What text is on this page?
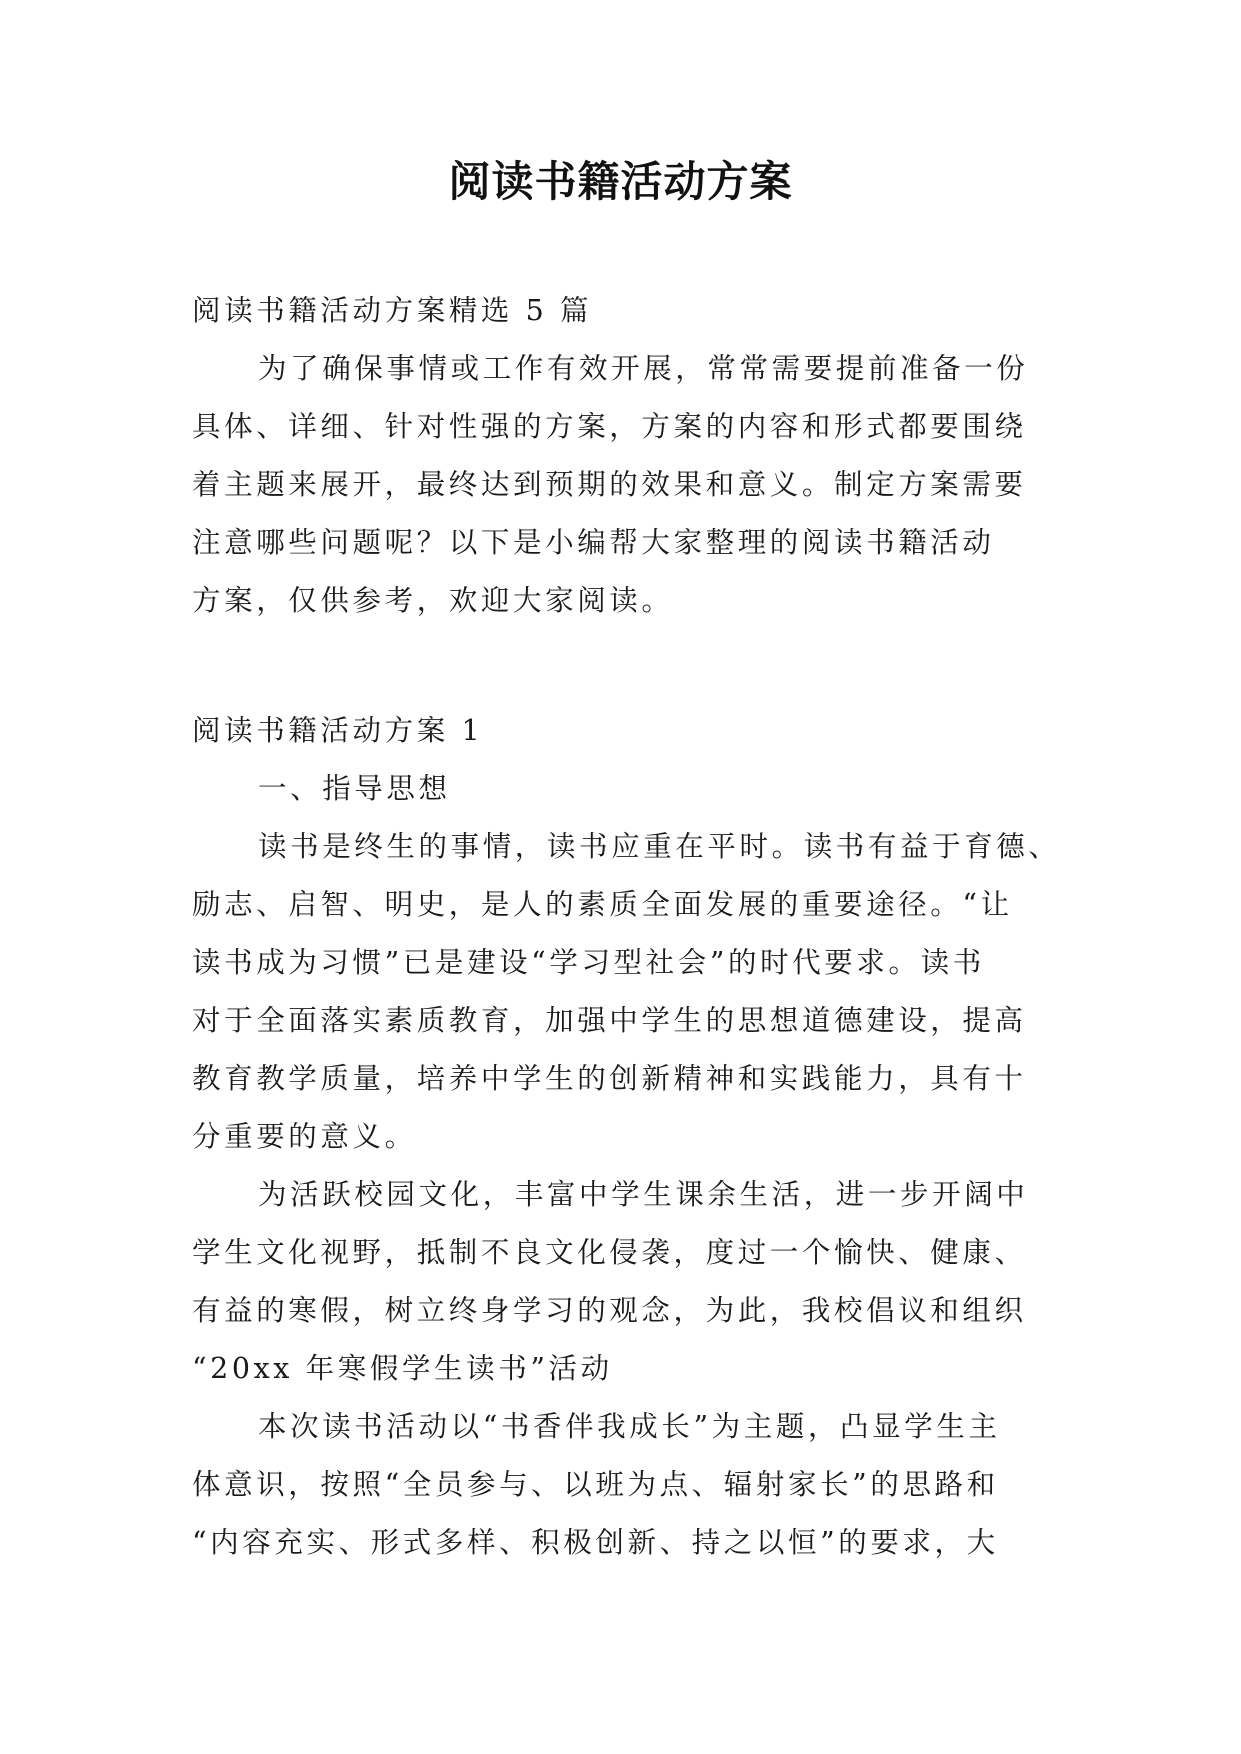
阅读书籍活动方案
阅读书籍活动方案精选 5 篇
为了确保事情或工作有效开展，常常需要提前准备一份
具体、详细、针对性强的方案，方案的内容和形式都要围绕
着主题来展开，最终达到预期的效果和意义。制定方案需要
注意哪些问题呢？以下是小编帮大家整理的阅读书籍活动
方案，仅供参考，欢迎大家阅读。
阅读书籍活动方案 1
一、指导思想
读书是终生的事情，读书应重在平时。读书有益于育德、
励志、启智、明史，是人的素质全面发展的重要途径。“让
读书成为习惯”已是建设“学习型社会”的时代要求。读书
对于全面落实素质教育，加强中学生的思想道德建设，提高
教育教学质量，培养中学生的创新精神和实践能力，具有十
分重要的意义。
为活跃校园文化，丰富中学生课余生活，进一步开阔中
学生文化视野，抵制不良文化侵袭，度过一个愉快、健康、
有益的寒假，树立终身学习的观念，为此，我校倡议和组织
“20xx 年寒假学生读书”活动
本次读书活动以“书香伴我成长”为主题，凸显学生主
体意识，按照“全员参与、以班为点、辐射家长”的思路和
“内容充实、形式多样、积极创新、持之以恒”的要求，大
